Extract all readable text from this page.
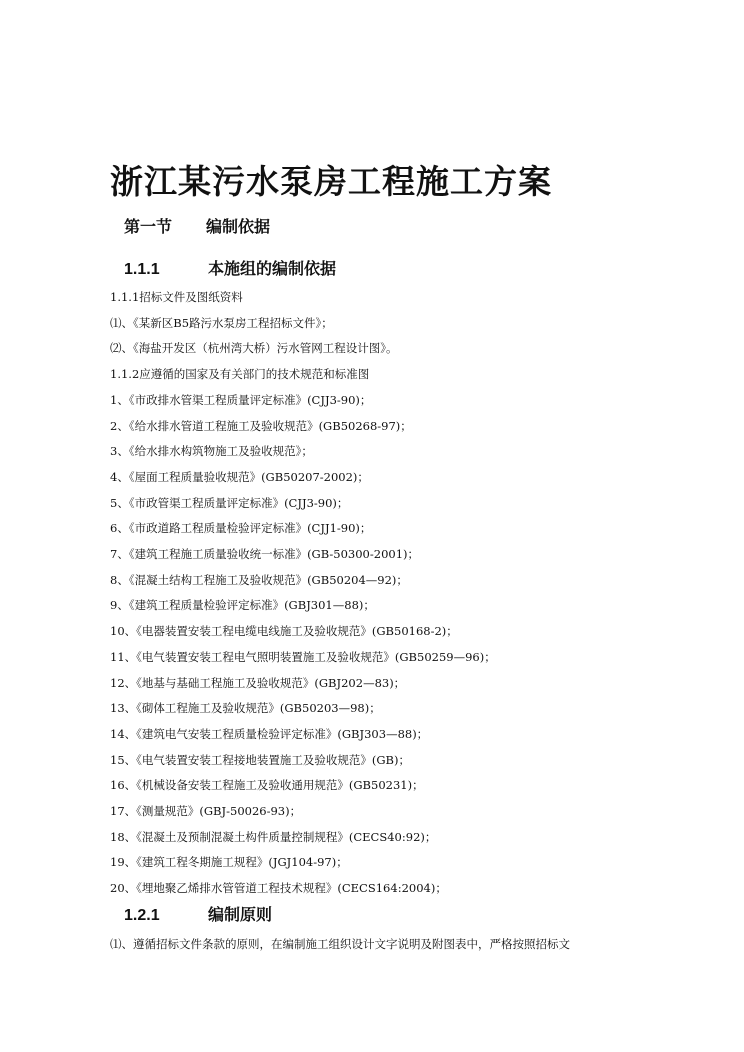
浙江某污水泵房工程施工方案
第一节 编制依据
1.1.1	本施组的编制依据
1.1.1招标文件及图纸资料
⑴、《某新区B5路污水泵房工程招标文件》；
⑵、《海盐开发区（杭州湾大桥）污水管网工程设计图》。
1.1.2应遵循的国家及有关部门的技术规范和标准图
1、《市政排水管渠工程质量评定标准》(CJJ3-90)；
2、《给水排水管道工程施工及验收规范》(GB50268-97)；
3、《给水排水构筑物施工及验收规范》；
4、《屋面工程质量验收规范》(GB50207-2002)；
5、《市政管渠工程质量评定标准》(CJJ3-90)；
6、《市政道路工程质量检验评定标准》(CJJ1-90)；
7、《建筑工程施工质量验收统一标准》(GB-50300-2001)；
8、《混凝土结构工程施工及验收规范》(GB50204—92)；
9、《建筑工程质量检验评定标准》(GBJ301—88)；
10、《电器装置安装工程电缆电线施工及验收规范》(GB50168-2)；
11、《电气装置安装工程电气照明装置施工及验收规范》(GB50259—96)；
12、《地基与基础工程施工及验收规范》(GBJ202—83)；
13、《砌体工程施工及验收规范》(GB50203—98)；
14、《建筑电气安装工程质量检验评定标准》(GBJ303—88)；
15、《电气装置安装工程接地装置施工及验收规范》(GB)；
16、《机械设备安装工程施工及验收通用规范》(GB50231)；
17、《测量规范》(GBJ-50026-93)；
18、《混凝土及预制混凝土构件质量控制规程》(CECS40:92)；
19、《建筑工程冬期施工规程》(JGJ104-97)；
20、《埋地聚乙烯排水管管道工程技术规程》(CECS164:2004)；
1.2.1	编制原则
⑴、遵循招标文件条款的原则，在编制施工组织设计文字说明及附图表中，严格按照招标文
